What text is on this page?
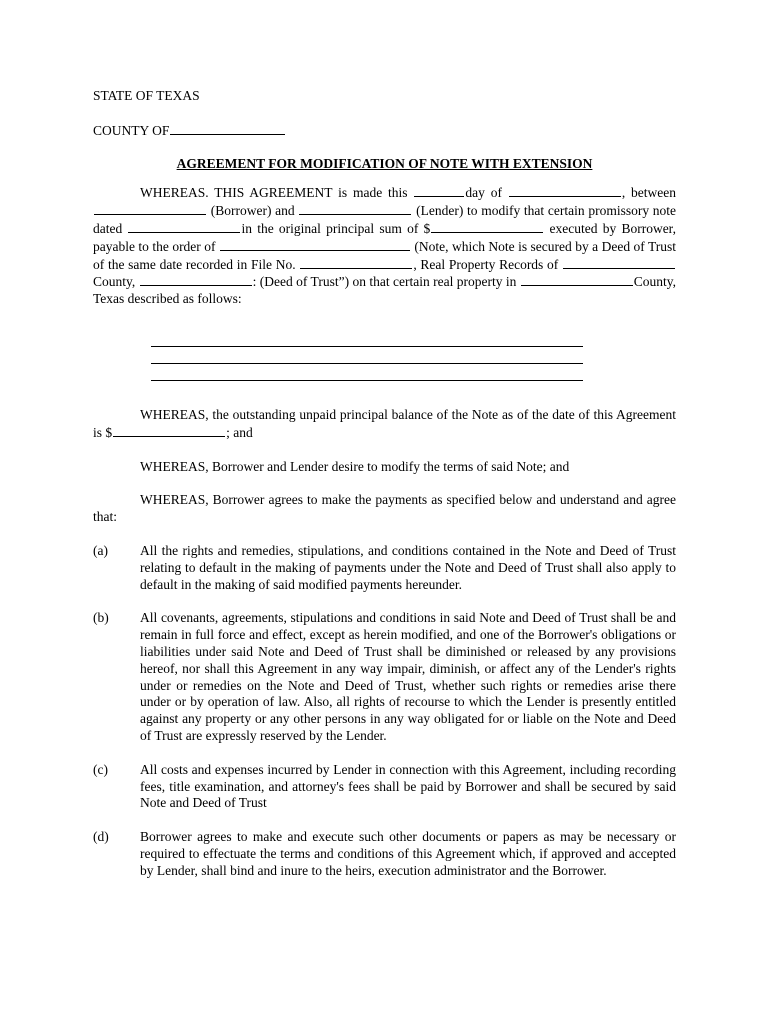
STATE OF TEXAS

COUNTY OF

AGREEMENT FOR MODIFICATION OF NOTE WITH EXTENSION

WHEREAS. THIS AGREEMENT is made this	day of	, between  (Borrower) and	(Lender) to modify that certain promissory note dated	in the original principal sum of $	executed by Borrower, payable to the order of	(Note, which Note is secured by a Deed of Trust of the same date recorded in File No.	, Real Property Records of County,	: (Deed of Trust”) on that certain real property in	County, Texas described as follows:

WHEREAS, the outstanding unpaid principal balance of the Note as of the date of this Agreement is $	; and

WHEREAS, Borrower and Lender desire to modify the terms of said Note; and

WHEREAS, Borrower agrees to make the payments as specified below and understand and agree that:

(a)	All the rights and remedies, stipulations, and conditions contained in the Note and Deed of Trust relating to default in the making of payments under the Note and Deed of Trust shall also apply to default in the making of said modified payments hereunder.
(b)	All covenants, agreements, stipulations and conditions in said Note and Deed of Trust shall be and remain in full force and effect, except as herein modified, and one of the Borrower's obligations or liabilities under said Note and Deed of Trust shall be diminished or released by any provisions hereof, nor shall this Agreement in any way impair, diminish, or affect any of the Lender's rights under or remedies on the Note and Deed of Trust, whether such rights or remedies arise there under or by operation of law. Also, all rights of recourse to which the Lender is presently entitled against any property or any other persons in any way obligated for or liable on the Note and Deed of Trust are expressly reserved by the Lender.
(c)	All costs and expenses incurred by Lender in connection with this Agreement, including recording fees, title examination, and attorney's fees shall be paid by Borrower and shall be secured by said Note and Deed of Trust
(d)	Borrower agrees to make and execute such other documents or papers as may be necessary or required to effectuate the terms and conditions of this Agreement which, if approved and accepted by Lender, shall bind and inure to the heirs, execution administrator and the Borrower.
